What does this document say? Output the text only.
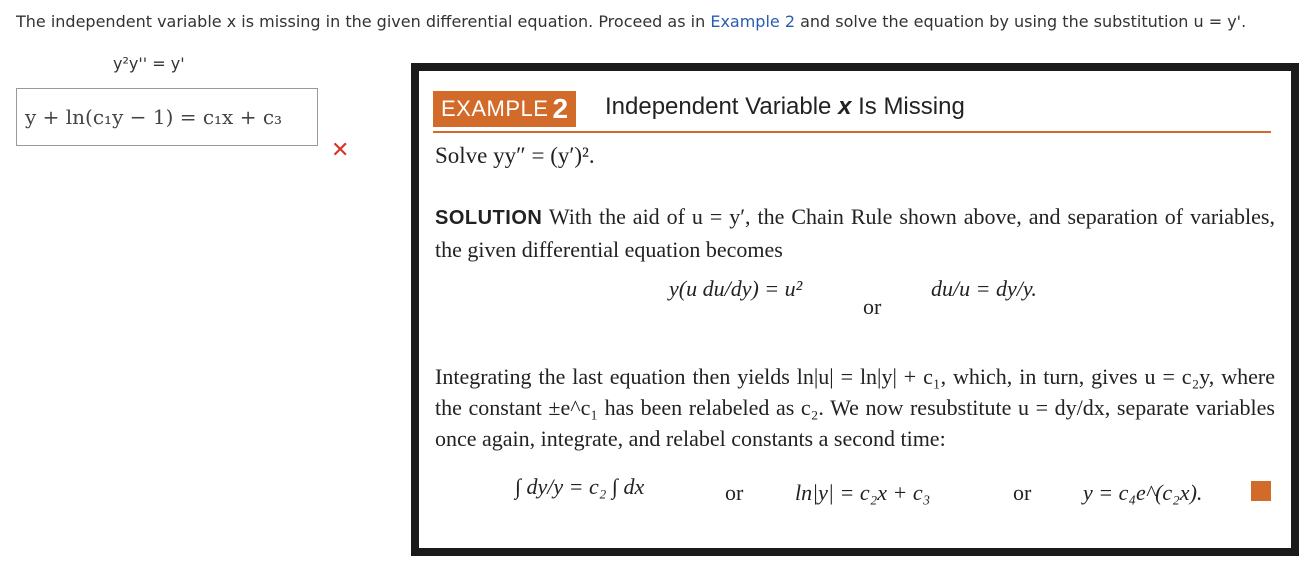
The independent variable x is missing in the given differential equation. Proceed as in Example 2 and solve the equation by using the substitution u = y'.
y²y'' = y'
y + ln(c₁y − 1) = c₁x + c₃
✕
EXAMPLE 2 Independent Variable x Is Missing
Solve yy″ = (y′)².
SOLUTION With the aid of u = y′, the Chain Rule shown above, and separation of variables, the given differential equation becomes
y(u du/dy) = u²
or
du/u = dy/y.
Integrating the last equation then yields ln|u| = ln|y| + c₁, which, in turn, gives u = c₂y, where the constant ±e^c₁ has been relabeled as c₂. We now resubstitute u = dy/dx, separate variables once again, integrate, and relabel constants a second time:
∫ dy/y = c₂ ∫ dx	or ln|y| = c₂x + c₃	or y = c₄e^(c₂x).
